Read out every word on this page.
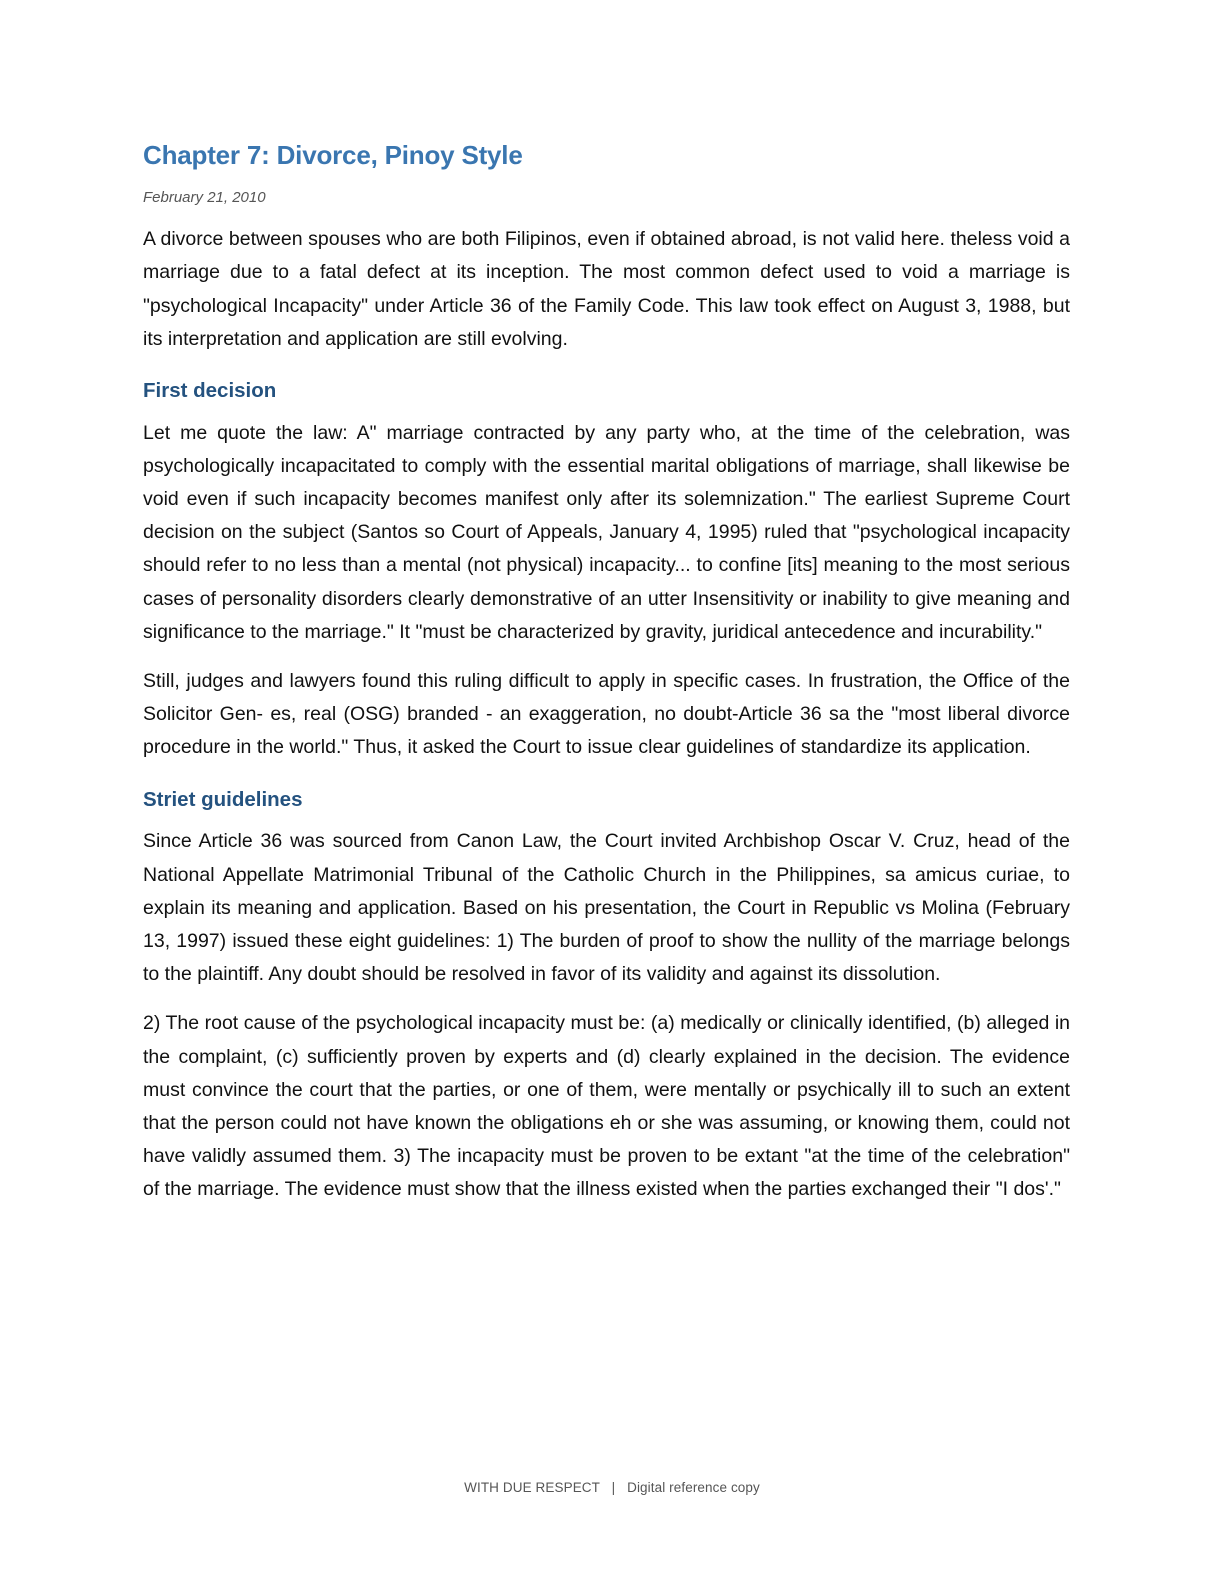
Chapter 7: Divorce, Pinoy Style
February 21, 2010

A divorce between spouses who are both Filipinos, even if obtained abroad, is not valid here. theless void a marriage due to a fatal defect at its inception. The most common defect used to void a marriage is "psychological Incapacity" under Article 36 of the Family Code. This law took effect on August 3, 1988, but its interpretation and application are still evolving.

First decision

Let me quote the law: A" marriage contracted by any party who, at the time of the celebration, was psychologically incapacitated to comply with the essential marital obligations of marriage, shall likewise be void even if such incapacity becomes manifest only after its solemnization." The earliest Supreme Court decision on the subject (Santos so Court of Appeals, January 4, 1995) ruled that "psychological incapacity should refer to no less than a mental (not physical) incapacity... to confine [its] meaning to the most serious cases of personality disorders clearly demonstrative of an utter Insensitivity or inability to give meaning and significance to the marriage." It "must be characterized by gravity, juridical antecedence and incurability."

Still, judges and lawyers found this ruling difficult to apply in specific cases. In frustration, the Office of the Solicitor Gen- es, real (OSG) branded - an exaggeration, no doubt-Article 36 sa the "most liberal divorce procedure in the world." Thus, it asked the Court to issue clear guidelines of standardize its application.

Striet guidelines

Since Article 36 was sourced from Canon Law, the Court invited Archbishop Oscar V. Cruz, head of the National Appellate Matrimonial Tribunal of the Catholic Church in the Philippines, sa amicus curiae, to explain its meaning and application. Based on his presentation, the Court in Republic vs Molina (February 13, 1997) issued these eight guidelines: 1) The burden of proof to show the nullity of the marriage belongs to the plaintiff. Any doubt should be resolved in favor of its validity and against its dissolution.

2) The root cause of the psychological incapacity must be: (a) medically or clinically identified, (b) alleged in the complaint, (c) sufficiently proven by experts and (d) clearly explained in the decision. The evidence must convince the court that the parties, or one of them, were mentally or psychically ill to such an extent that the person could not have known the obligations eh or she was assuming, or knowing them, could not have validly assumed them. 3) The incapacity must be proven to be extant "at the time of the celebration" of the marriage. The evidence must show that the illness existed when the parties exchanged their "I dos'."

WITH DUE RESPECT | Digital reference copy
